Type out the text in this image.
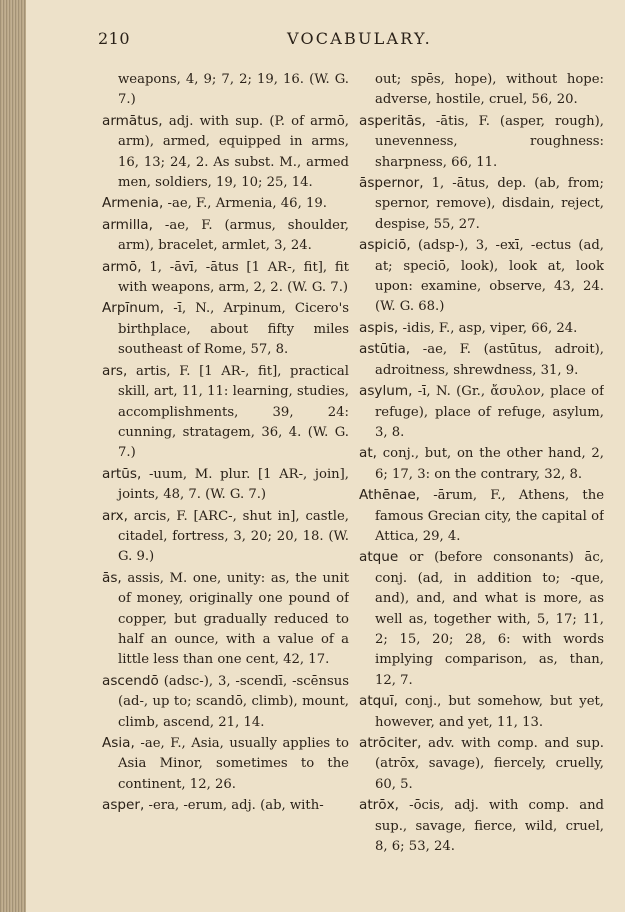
210	VOCABULARY.

weapons, 4, 9; 7, 2; 19, 16. (W. G. 7.)

armātus, adj. with sup. (P. of armō, arm), armed, equipped in arms, 16, 13; 24, 2. As subst. M., armed men, soldiers, 19, 10; 25, 14.

Armenia, -ae, F., Armenia, 46, 19.

armilla, -ae, F. (armus, shoulder, arm), bracelet, armlet, 3, 24.

armō, 1, -āvī, -ātus [1 AR-, fit], fit with weapons, arm, 2, 2. (W. G. 7.)

Arpīnum, -ī, N., Arpinum, Cicero's birthplace, about fifty miles southeast of Rome, 57, 8.

ars, artis, F. [1 AR-, fit], practical skill, art, 11, 11: learning, studies, accomplishments, 39, 24: cunning, stratagem, 36, 4. (W. G. 7.)

artūs, -uum, M. plur. [1 AR-, join], joints, 48, 7. (W. G. 7.)

arx, arcis, F. [ARC-, shut in], castle, citadel, fortress, 3, 20; 20, 18. (W. G. 9.)

ās, assis, M. one, unity: as, the unit of money, originally one pound of copper, but gradually reduced to half an ounce, with a value of a little less than one cent, 42, 17.

ascendō (adsc-), 3, -scendī, -scēnsus (ad-, up to; scandō, climb), mount, climb, ascend, 21, 14.

Asia, -ae, F., Asia, usually applies to Asia Minor, sometimes to the continent, 12, 26.

asper, -era, -erum, adj. (ab, with-

out; spēs, hope), without hope: adverse, hostile, cruel, 56, 20.

asperitās, -ātis, F. (asper, rough), unevenness, roughness: sharpness, 66, 11.

āspernor, 1, -ātus, dep. (ab, from; spernor, remove), disdain, reject, despise, 55, 27.

aspiciō, (adsp-), 3, -exī, -ectus (ad, at; speciō, look), look at, look upon: examine, observe, 43, 24. (W. G. 68.)

aspis, -idis, F., asp, viper, 66, 24.

astūtia, -ae, F. (astūtus, adroit), adroitness, shrewdness, 31, 9.

asylum, -ī, N. (Gr., ἄσυλον, place of refuge), place of refuge, asylum, 3, 8.

at, conj., but, on the other hand, 2, 6; 17, 3: on the contrary, 32, 8.

Athēnae, -ārum, F., Athens, the famous Grecian city, the capital of Attica, 29, 4.

atque or (before consonants) āc, conj. (ad, in addition to; -que, and), and, and what is more, as well as, together with, 5, 17; 11, 2; 15, 20; 28, 6: with words implying comparison, as, than, 12, 7.

atquī, conj., but somehow, but yet, however, and yet, 11, 13.

atrōciter, adv. with comp. and sup. (atrōx, savage), fiercely, cruelly, 60, 5.

atrōx, -ōcis, adj. with comp. and sup., savage, fierce, wild, cruel, 8, 6; 53, 24.
